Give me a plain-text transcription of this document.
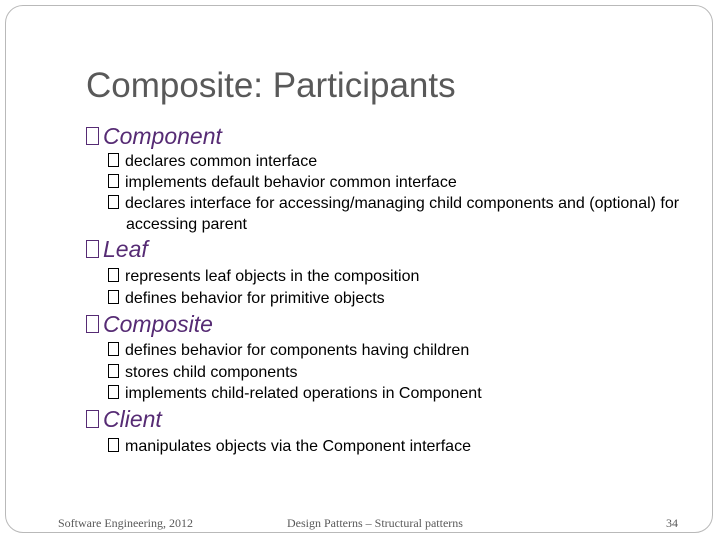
Composite: Participants
Component
declares common interface
implements default behavior common interface
declares interface for accessing/managing child components and (optional) for accessing parent
Leaf
represents leaf objects in the composition
defines behavior for primitive objects
Composite
defines behavior for components having children
stores child components
implements child-related operations in Component
Client
manipulates objects via the Component interface
Software Engineering, 2012	Design Patterns – Structural patterns	34
